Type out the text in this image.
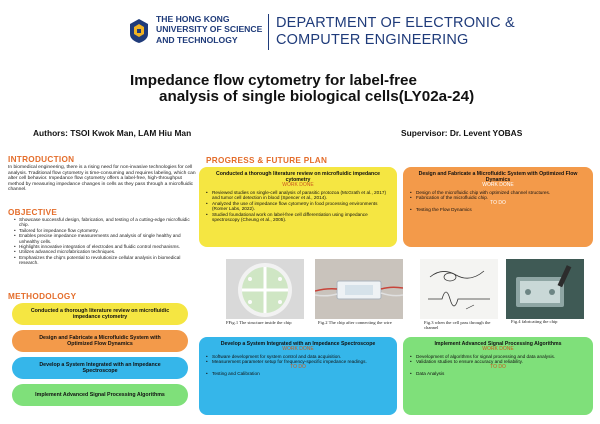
THE HONG KONG
UNIVERSITY OF SCIENCE
AND TECHNOLOGY
DEPARTMENT OF ELECTRONIC &
COMPUTER ENGINEERING
Impedance flow cytometry for label-free
analysis of single biological cells(LY02a-24)
Authors: TSOI Kwok Man, LAM Hiu Man	Supervisor: Dr. Levent YOBAS
INTRODUCTION
In biomedical engineering, there is a rising need for non-invasive technologies for cell analysis. Traditional flow cytometry is time-consuming and requires labeling, which can alter cell behavior. Impedance flow cytometry offers a label-free, high-throughput method by measuring impedance changes in cells as they pass through a microfluidic channel.
OBJECTIVE
• Showcase successful design, fabrication, and testing of a cutting-edge microfluidic chip.
• Tailored for impedance flow cytometry.
• Enables precise impedance measurements and analysis of single healthy and unhealthy cells.
• Highlights innovative integration of electrodes and fluidic control mechanisms.
• Utilizes advanced microfabrication techniques.
• Emphasizes the chip's potential to revolutionize cellular analysis in biomedical research.
METHODOLOGY
Conducted a thorough literature review on microfluidic impedance cytometry
Design and Fabricate a Microfluidic System with Optimized Flow Dynamics
Develop a System Integrated with an Impedance Spectroscope
Implement Advanced Signal Processing Algorithms
PROGRESS & FUTURE PLAN
Conducted a thorough literature review on microfluidic impedance cytometry
WORK DONE
• Reviewed studies on single-cell analysis of parasitic protozoa (McGrath et al., 2017) and tumor cell detection in blood (Spencer et al., 2014).
• Analyzed the use of impedance flow cytometry in food processing environments (Romer Labs, 2022).
• Studied foundational work on label-free cell differentiation using impedance spectroscopy (Cheung et al., 2005).
Design and Fabricate a Microfluidic System with Optimized Flow Dynamics
WORK DONE
• Design of the microfluidic chip with optimized channel structures.
• Fabrication of the microfluidic chip.
TO DO
• Testing the Flow Dynamics
FFig.1 The structure inside the chip	Fig.2 The chip after connecting the wire	Fig.3 when the cell pass through the channel
Fig.4 fabricating the chip
Develop a System Integrated with an Impedance Spectroscope
WORK DONE
• Software development for system control and data acquisition.
• Measurement parameter setup for frequency-specific impedance readings.
TO DO
• Testing and Calibration
Implement Advanced Signal Processing Algorithms
WORK DONE
• Development of algorithms for signal processing and data analysis.
• Validation studies to ensure accuracy and reliability.
TO DO
• Data Analysis
